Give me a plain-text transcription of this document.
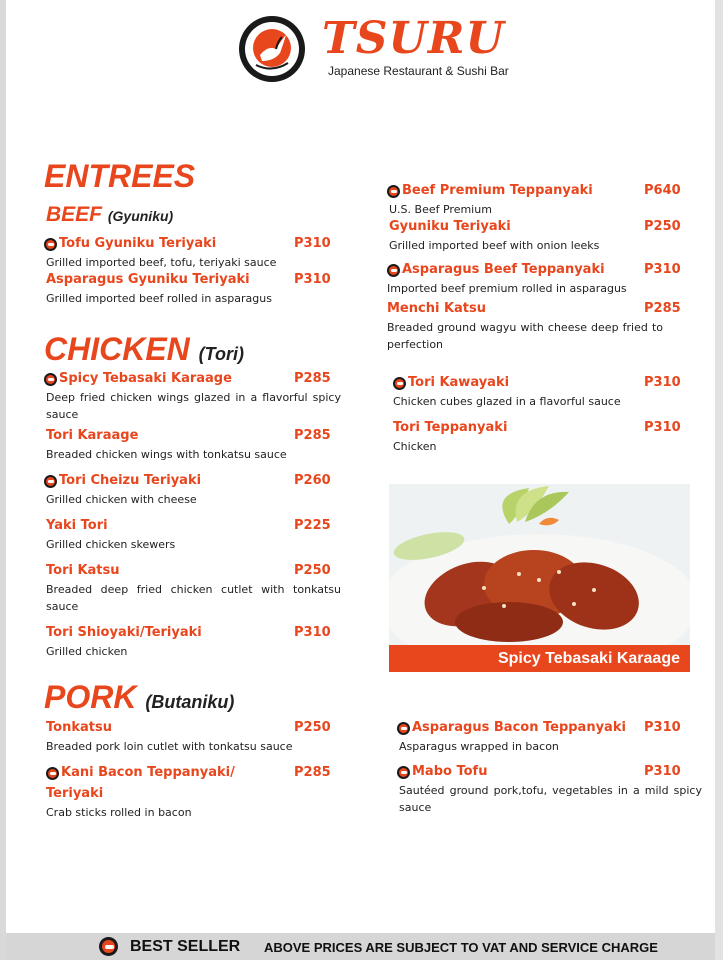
TSURU
Japanese Restaurant & Sushi Bar
ENTREES
BEEF (Gyuniku)
CHICKEN (Tori)
PORK (Butaniku)
Tofu Gyuniku Teriyaki	P310
Grilled imported beef, tofu, teriyaki sauce
Asparagus Gyuniku Teriyaki	P310
Grilled imported beef rolled in asparagus
Spicy Tebasaki Karaage	P285
Deep fried chicken wings glazed in a flavorful spicy sauce
Tori Karaage	P285
Breaded chicken wings with tonkatsu sauce
Tori Cheizu Teriyaki	P260
Grilled chicken with cheese
Yaki Tori	P225
Grilled chicken skewers
Tori Katsu	P250
Breaded deep fried chicken cutlet with tonkatsu sauce
Tori Shioyaki/Teriyaki	P310
Grilled chicken
Tonkatsu	P250
Breaded pork loin cutlet with tonkatsu sauce
Kani Bacon Teppanyaki/	P285
Teriyaki
Crab sticks rolled in bacon
Beef Premium Teppanyaki	P640
U.S. Beef Premium
Gyuniku Teriyaki	P250
Grilled imported beef with onion leeks
Asparagus Beef Teppanyaki	P310
Imported beef premium rolled in asparagus
Menchi Katsu	P285
Breaded ground wagyu with cheese deep fried to perfection
Tori Kawayaki	P310
Chicken cubes glazed in a flavorful sauce
Tori Teppanyaki	P310
Chicken
Spicy Tebasaki Karaage
Asparagus Bacon Teppanyaki P310
Asparagus wrapped in bacon
Mabo Tofu	P310
Sautéed ground pork,tofu, vegetables in a mild spicy sauce
BEST SELLER ABOVE PRICES ARE SUBJECT TO VAT AND SERVICE CHARGE
